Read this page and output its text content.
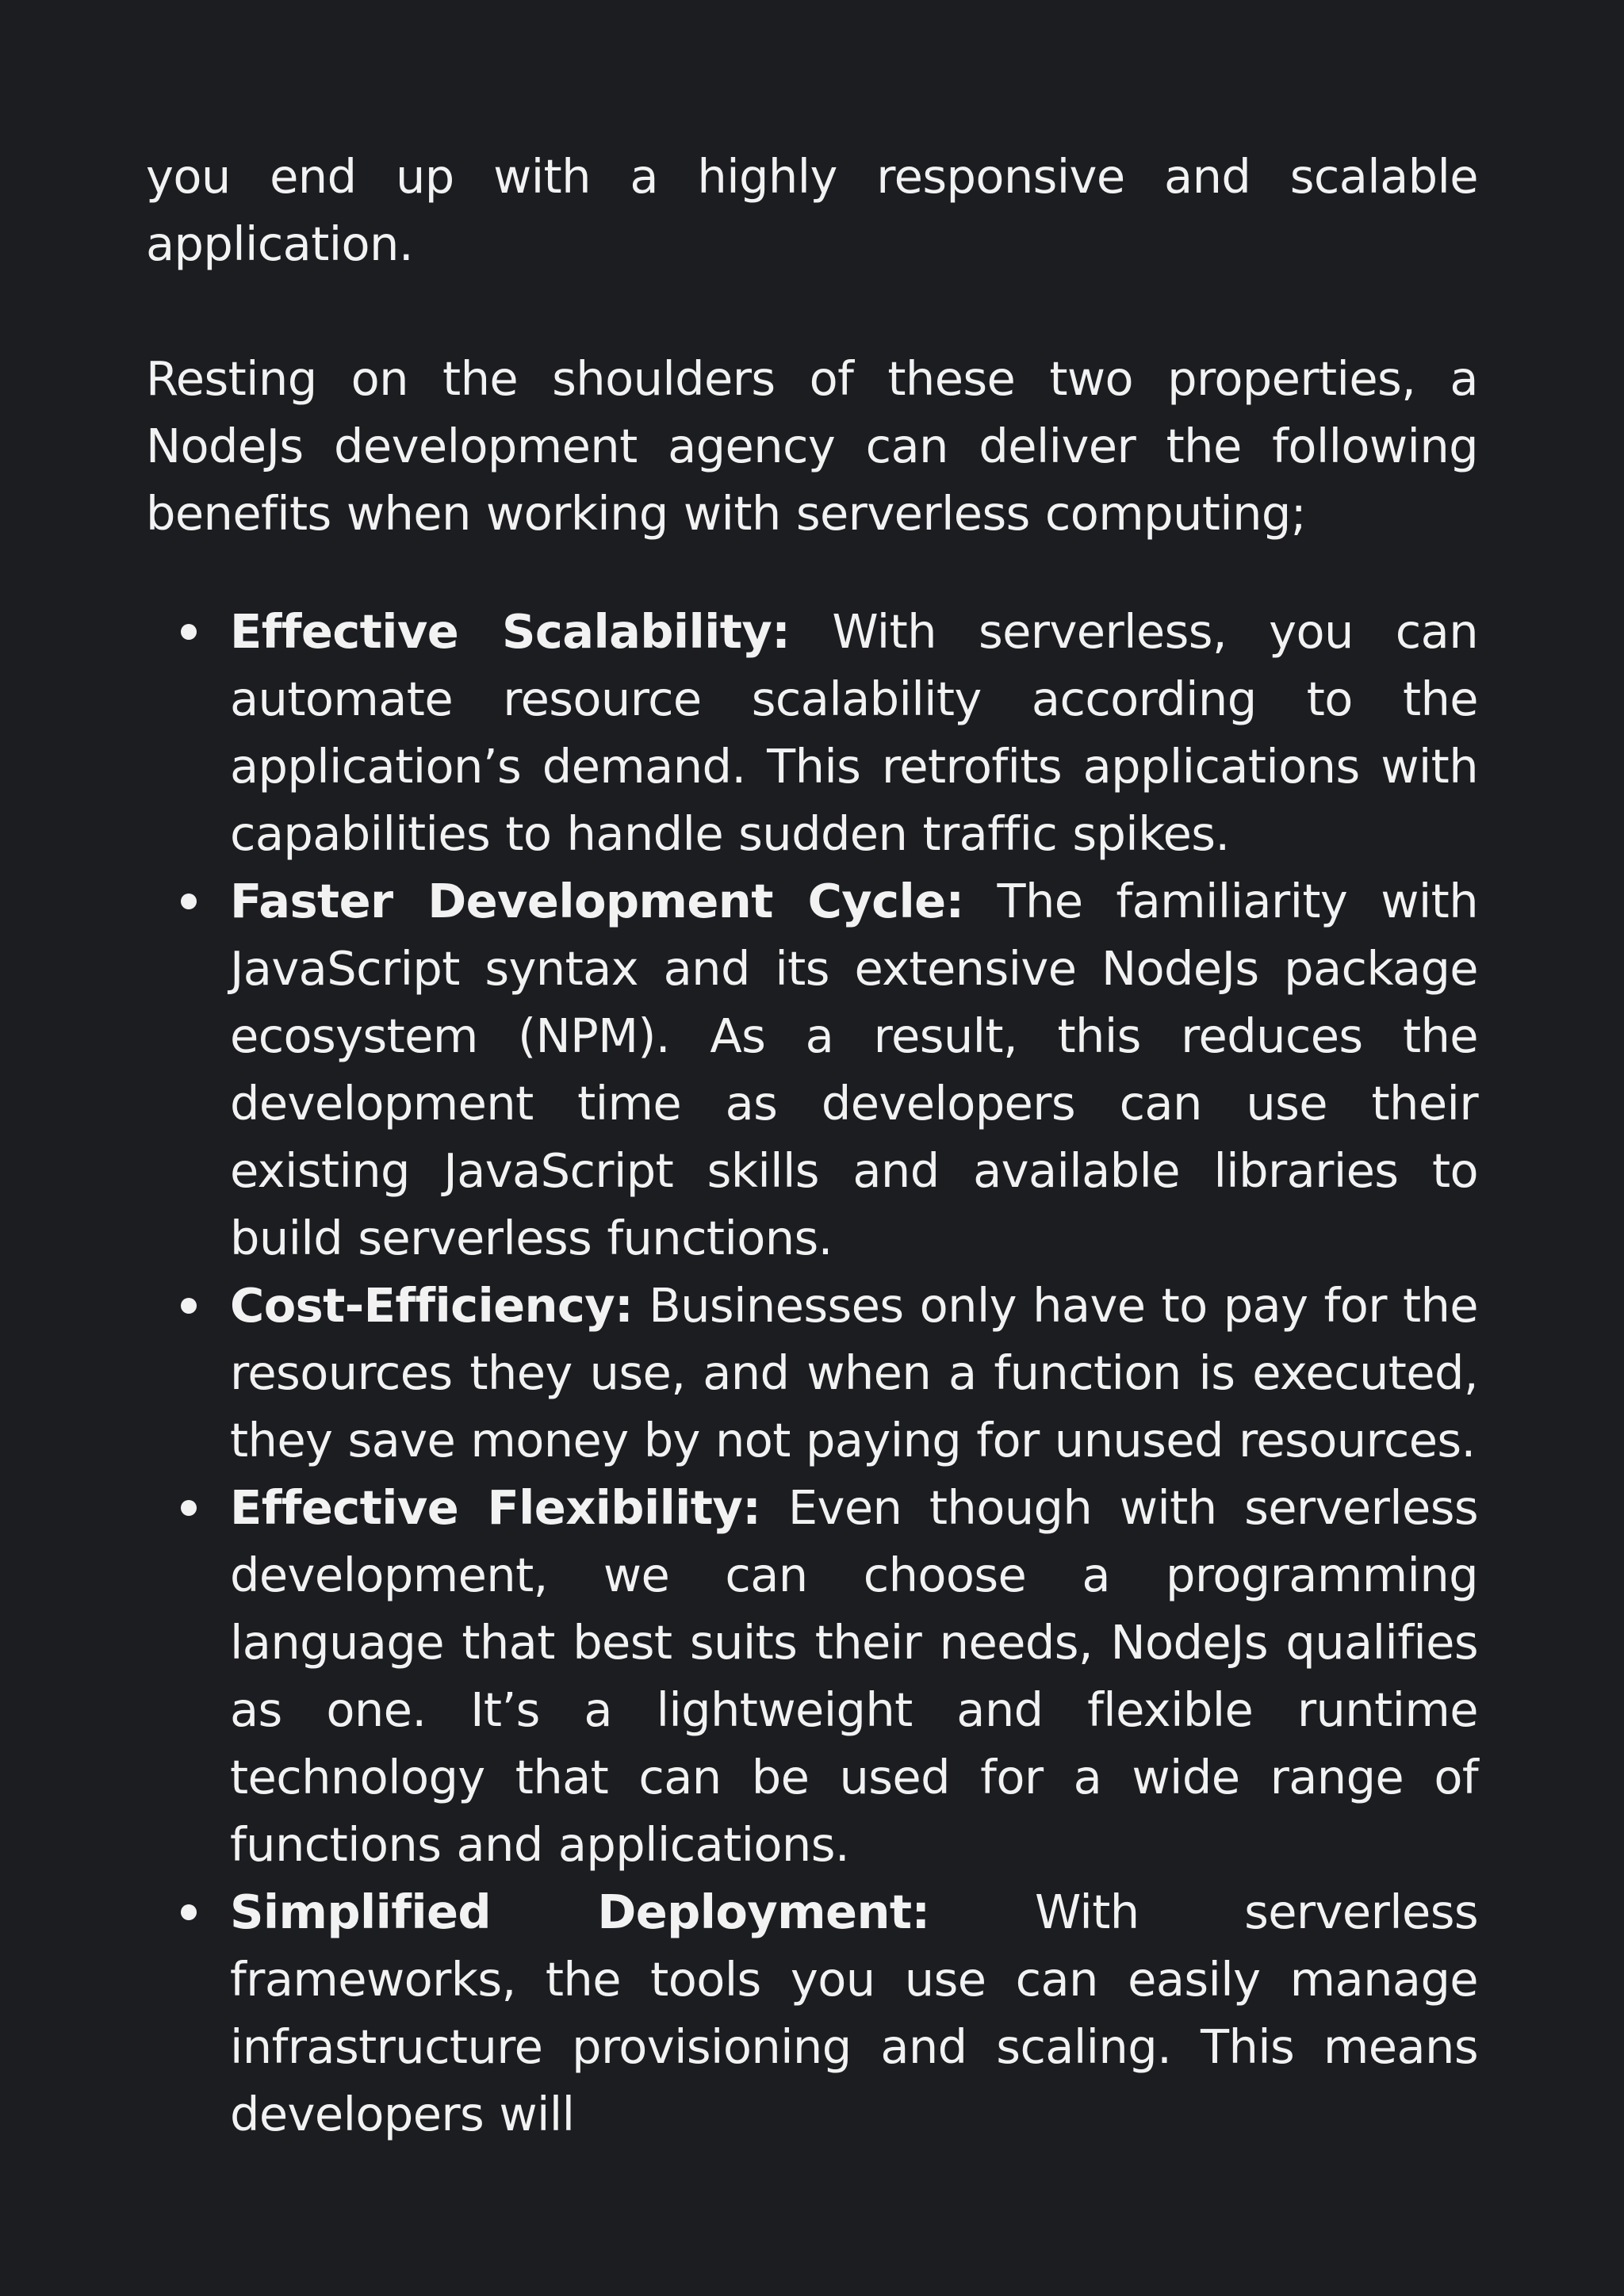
you end up with a highly responsive and scalable application.

Resting on the shoulders of these two properties, a NodeJs development agency can deliver the following benefits when working with serverless computing;

Effective Scalability: With serverless, you can automate resource scalability according to the application’s demand. This retrofits applications with capabilities to handle sudden traffic spikes.
Faster Development Cycle: The familiarity with JavaScript syntax and its extensive NodeJs package ecosystem (NPM). As a result, this reduces the development time as developers can use their existing JavaScript skills and available libraries to build serverless functions.
Cost-Efficiency: Businesses only have to pay for the resources they use, and when a function is executed, they save money by not paying for unused resources.
Effective Flexibility: Even though with serverless development, we can choose a programming language that best suits their needs, NodeJs qualifies as one. It’s a lightweight and flexible runtime technology that can be used for a wide range of functions and applications.
Simplified Deployment: With serverless frameworks, the tools you use can easily manage infrastructure provisioning and scaling. This means developers will
